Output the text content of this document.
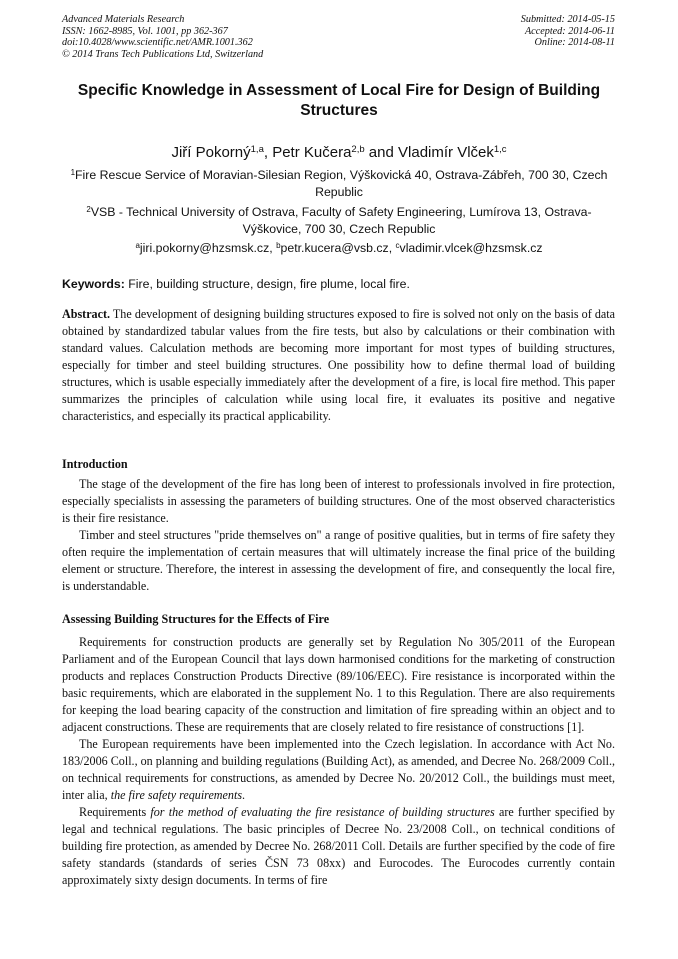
Advanced Materials Research
ISSN: 1662-8985, Vol. 1001, pp 362-367
doi:10.4028/www.scientific.net/AMR.1001.362
© 2014 Trans Tech Publications Ltd, Switzerland
Submitted: 2014-05-15
Accepted: 2014-06-11
Online: 2014-08-11
Specific Knowledge in Assessment of Local Fire for Design of Building Structures
Jiří Pokorný$^{1,a}$, Petr Kučera$^{2,b}$ and Vladimír Vlček$^{1,c}$
$^1$Fire Rescue Service of Moravian-Silesian Region, Výškovická 40, Ostrava-Zábřeh, 700 30, Czech Republic
$^2$VSB - Technical University of Ostrava, Faculty of Safety Engineering, Lumírova 13, Ostrava-Výškovice, 700 30, Czech Republic
$^a$jiri.pokorny@hzsmsk.cz, $^b$petr.kucera@vsb.cz, $^c$vladimir.vlcek@hzsmsk.cz
Keywords: Fire, building structure, design, fire plume, local fire.

Abstract. The development of designing building structures exposed to fire is solved not only on the basis of data obtained by standardized tabular values from the fire tests, but also by calculations or their combination with standard values. Calculation methods are becoming more important for most types of building structures, especially for timber and steel building structures. One possibility how to define thermal load of building structures, which is usable especially immediately after the development of a fire, is local fire method. This paper summarizes the principles of calculation while using local fire, it evaluates its positive and negative characteristics, and especially its practical applicability.

Introduction

The stage of the development of the fire has long been of interest to professionals involved in fire protection, especially specialists in assessing the parameters of building structures. One of the most observed characteristics is their fire resistance.

Timber and steel structures "pride themselves on" a range of positive qualities, but in terms of fire safety they often require the implementation of certain measures that will ultimately increase the final price of the building element or structure. Therefore, the interest in assessing the development of fire, and consequently the local fire, is understandable.

Assessing Building Structures for the Effects of Fire

Requirements for construction products are generally set by Regulation No 305/2011 of the European Parliament and of the European Council that lays down harmonised conditions for the marketing of construction products and replaces Construction Products Directive (89/106/EEC). Fire resistance is incorporated within the basic requirements, which are elaborated in the supplement No. 1 to this Regulation. There are also requirements for keeping the load bearing capacity of the construction and limitation of fire spreading within an object and to adjacent constructions. These are requirements that are closely related to fire resistance of constructions [1].

The European requirements have been implemented into the Czech legislation. In accordance with Act No. 183/2006 Coll., on planning and building regulations (Building Act), as amended, and Decree No. 268/2009 Coll., on technical requirements for constructions, as amended by Decree No. 20/2012 Coll., the buildings must meet, inter alia, the fire safety requirements.

Requirements for the method of evaluating the fire resistance of building structures are further specified by legal and technical regulations. The basic principles of Decree No. 23/2008 Coll., on technical conditions of building fire protection, as amended by Decree No. 268/2011 Coll. Details are further specified by the code of fire safety standards (standards of series ČSN 73 08xx) and Eurocodes. The Eurocodes currently contain approximately sixty design documents. In terms of fire
